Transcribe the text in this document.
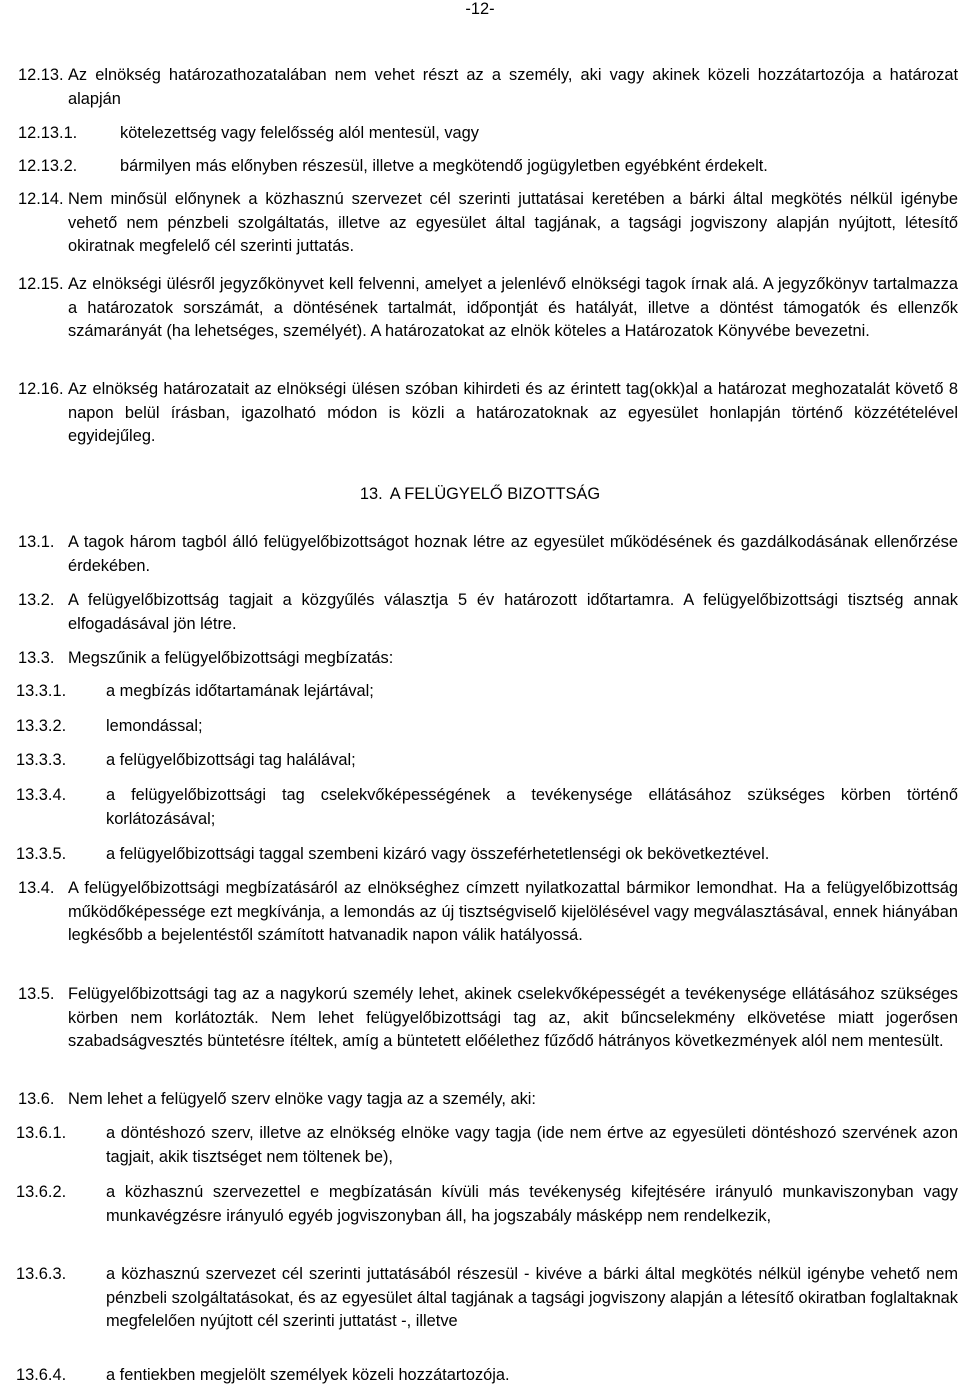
-12-
12.13. Az elnökség határozathozatalában nem vehet részt az a személy, aki vagy akinek közeli hozzátartozója a határozat alapján
12.13.1.	kötelezettség vagy felelősség alól mentesül, vagy
12.13.2.	bármilyen más előnyben részesül, illetve a megkötendő jogügyletben egyébként érdekelt.
12.14. Nem minősül előnynek a közhasznú szervezet cél szerinti juttatásai keretében a bárki által megkötés nélkül igénybe vehető nem pénzbeli szolgáltatás, illetve az egyesület által tagjának, a tagsági jogviszony alapján nyújtott, létesítő okiratnak megfelelő cél szerinti juttatás.
12.15. Az elnökségi ülésről jegyzőkönyvet kell felvenni, amelyet a jelenlévő elnökségi tagok írnak alá. A jegyzőkönyv tartalmazza a határozatok sorszámát, a döntésének tartalmát, időpontját és hatályát, illetve a döntést támogatók és ellenzők számarányát (ha lehetséges, személyét). A határozatokat az elnök köteles a Határozatok Könyvébe bevezetni.
12.16. Az elnökség határozatait az elnökségi ülésen szóban kihirdeti és az érintett tag(okk)al a határozat meghozatalát követő 8 napon belül írásban, igazolható módon is közli a határozatoknak az egyesület honlapján történő közzétételével egyidejűleg.
13. A FELÜGYELŐ BIZOTTSÁG
13.1. A tagok három tagból álló felügyelőbizottságot hoznak létre az egyesület működésének és gazdálkodásának ellenőrzése érdekében.
13.2. A felügyelőbizottság tagjait a közgyűlés választja 5 év határozott időtartamra. A felügyelőbizottsági tisztség annak elfogadásával jön létre.
13.3. Megszűnik a felügyelőbizottsági megbízatás:
13.3.1. a megbízás időtartamának lejártával;
13.3.2. lemondással;
13.3.3. a felügyelőbizottsági tag halálával;
13.3.4. a felügyelőbizottsági tag cselekvőképességének a tevékenysége ellátásához szükséges körben történő korlátozásával;
13.3.5. a felügyelőbizottsági taggal szembeni kizáró vagy összeférhetetlenségi ok bekövetkeztével.
13.4. A felügyelőbizottsági megbízatásáról az elnökséghez címzett nyilatkozattal bármikor lemondhat. Ha a felügyelőbizottság működőképessége ezt megkívánja, a lemondás az új tisztségviselő kijelölésével vagy megválasztásával, ennek hiányában legkésőbb a bejelentéstől számított hatvanadik napon válik hatályossá.
13.5. Felügyelőbizottsági tag az a nagykorú személy lehet, akinek cselekvőképességét a tevékenysége ellátásához szükséges körben nem korlátozták. Nem lehet felügyelőbizottsági tag az, akit bűncselekmény elkövetése miatt jogerősen szabadságvesztés büntetésre ítéltek, amíg a büntetett előélethez fűződő hátrányos következmények alól nem mentesült.
13.6. Nem lehet a felügyelő szerv elnöke vagy tagja az a személy, aki:
13.6.1. a döntéshozó szerv, illetve az elnökség elnöke vagy tagja (ide nem értve az egyesületi döntéshozó szervének azon tagjait, akik tisztséget nem töltenek be),
13.6.2. a közhasznú szervezettel e megbízatásán kívüli más tevékenység kifejtésére irányuló munkaviszonyban vagy munkavégzésre irányuló egyéb jogviszonyban áll, ha jogszabály másképp nem rendelkezik,
13.6.3. a közhasznú szervezet cél szerinti juttatásából részesül - kivéve a bárki által megkötés nélkül igénybe vehető nem pénzbeli szolgáltatásokat, és az egyesület által tagjának a tagsági jogviszony alapján a létesítő okiratban foglaltaknak megfelelően nyújtott cél szerinti juttatást -, illetve
13.6.4. a fentiekben megjelölt személyek közeli hozzátartozója.
